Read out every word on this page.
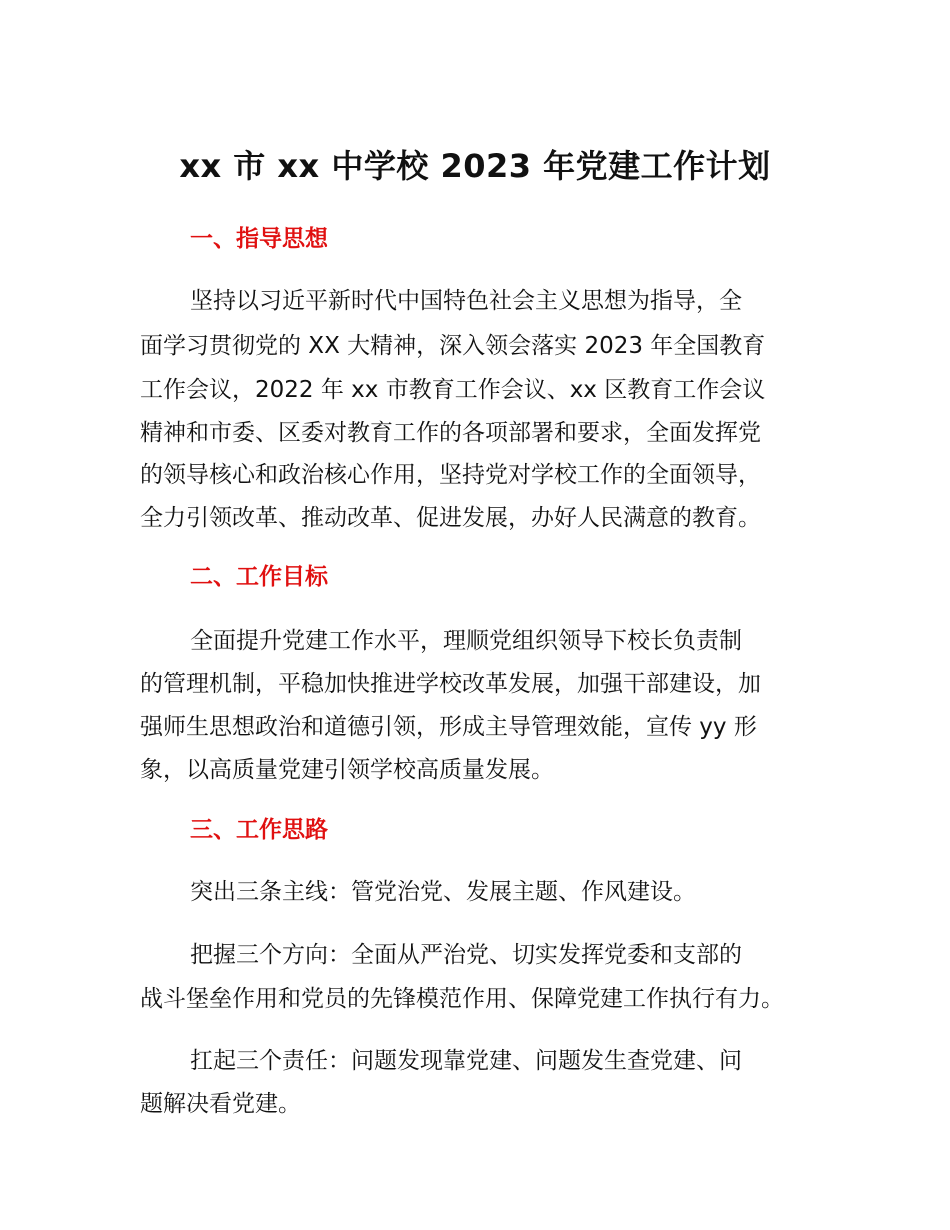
xx 市 xx 中学校 2023 年党建工作计划
一、指导思想

坚持以习近平新时代中国特色社会主义思想为指导，全

面学习贯彻党的 XX 大精神，深入领会落实 2023 年全国教育

工作会议，2022 年 xx 市教育工作会议、xx 区教育工作会议

精神和市委、区委对教育工作的各项部署和要求，全面发挥党

的领导核心和政治核心作用，坚持党对学校工作的全面领导，

全力引领改革、推动改革、促进发展，办好人民满意的教育。

二、工作目标

全面提升党建工作水平，理顺党组织领导下校长负责制

的管理机制，平稳加快推进学校改革发展，加强干部建设，加

强师生思想政治和道德引领，形成主导管理效能，宣传 yy 形

象，以高质量党建引领学校高质量发展。

三、工作思路

突出三条主线：管党治党、发展主题、作风建设。

把握三个方向：全面从严治党、切实发挥党委和支部的

战斗堡垒作用和党员的先锋模范作用、保障党建工作执行有力。

扛起三个责任：问题发现靠党建、问题发生查党建、问

题解决看党建。
